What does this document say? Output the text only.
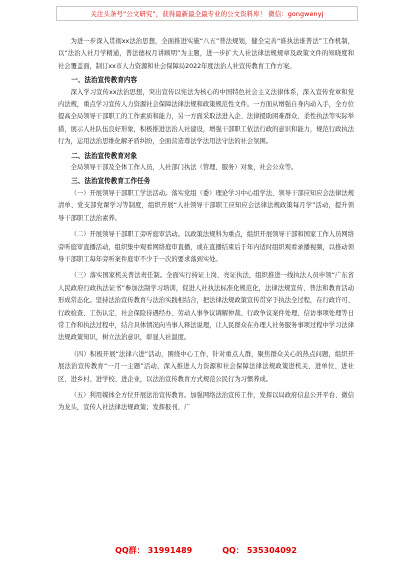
关注头条号“公文研究”，获得最新最全最专业的公文资料库！ 微信：gongwenyj

为进一步深入贯彻xx法治思想，全面推进实施“八五”普法规划，健全完善“谁执法谁普法”工作机制，以“法治人社月学精通，普法德权月讲顾明”为主题，进一步扩大人社法律法规规章及政策文件的知晓度和社会覆盖面，制订xx市人力资源和社会保障局2022年度法治人社宣传教育工作方案。

一、法治宣传教育内容

深入学习宣传xx法治思想，突出宣传以宪法为核心的中国特色社会主义法律体系，深入宣传党章和党内法规，重点学习宣传人力资源社会保障法律法规和政策规范性文件。一方面从增强自身内动入手，全方位提高全局领导干部职工的工作素质和能力，另一方面采取法进入企、法律援助困难群众、柔性执法等实际举措，展示人社队伍良好形象，积极推进法治人社建设，增强干部职工依法行政的意识和能力，规范行政执法行为，运用法治思维化解矛盾纠纷，全面营造尊法学法用法守法的社会氛围。

二、法治宣传教育对象

全局领导干部及全体工作人员，人社部门执法（管理、服务）对象，社会公众等。

三、法治宣传教育工作任务

（一）开展领导干部职工学法活动。落实党组（委）理论学习中心组学法、领导干部应知应会法律法规清单、党支部党课学习等制度，组织开展“人社领导干部职工应知应会法律法规政策每月学”活动，提升领导干部职工法治素养。

（二）开展领导干部职工旁听庭审活动。以政策法规科为重点，组织开展领导干部和国家工作人员网络旁听庭审直播活动，组织集中观看网络庭审直播，或在直播结束后于年内适时组织观看录播视频，以推动领导干部职工每年旁听案件庭审不少于一次的要求落到实处。

（三）落实国家机关普法责任制。全面实行持证上岗、亮证执法，组织推进一线执法人员申领“广东省人民政府行政执法证书”参加法制学习培训，促进人社执法标准化规范化，法律法规宣传、普法和教育活动形成常态化。坚持法治宣传教育与法治实践相结合，把法律法规政策宣传贯穿于执法全过程，在行政许可、行政检查、工伤认定、社会保险待遇经办、劳动人事争议调解仲裁、行政争议案件处理、信访事项处理等日常工作和执法过程中，结合具体情况向当事人释法说理，让人民群众在办理人社务服务事项过程中学习法律法规政策知识，树立法治意识，彰显人社温度。

（四）积极开展“法律六进”活动，围绕中心工作，针对重点人群，聚焦群众关心的热点问题，组织开展法治宣传教育“一月一主题”活动，深入推进人力资源和社会保障法律法规政策进机关、进单位、进社区、进乡村、进学校、进企业，以法治宣传教育方式规范公民行为习惯养成。

（五）利用媒体全方位开展法治宣传教育。加强网络法治宣传工作，发挥以局政府信息公开平台、微信为龙头，宣传人社法律法规政策；发挥报刊、广

QQ群： 31991489	QQ： 535304092
